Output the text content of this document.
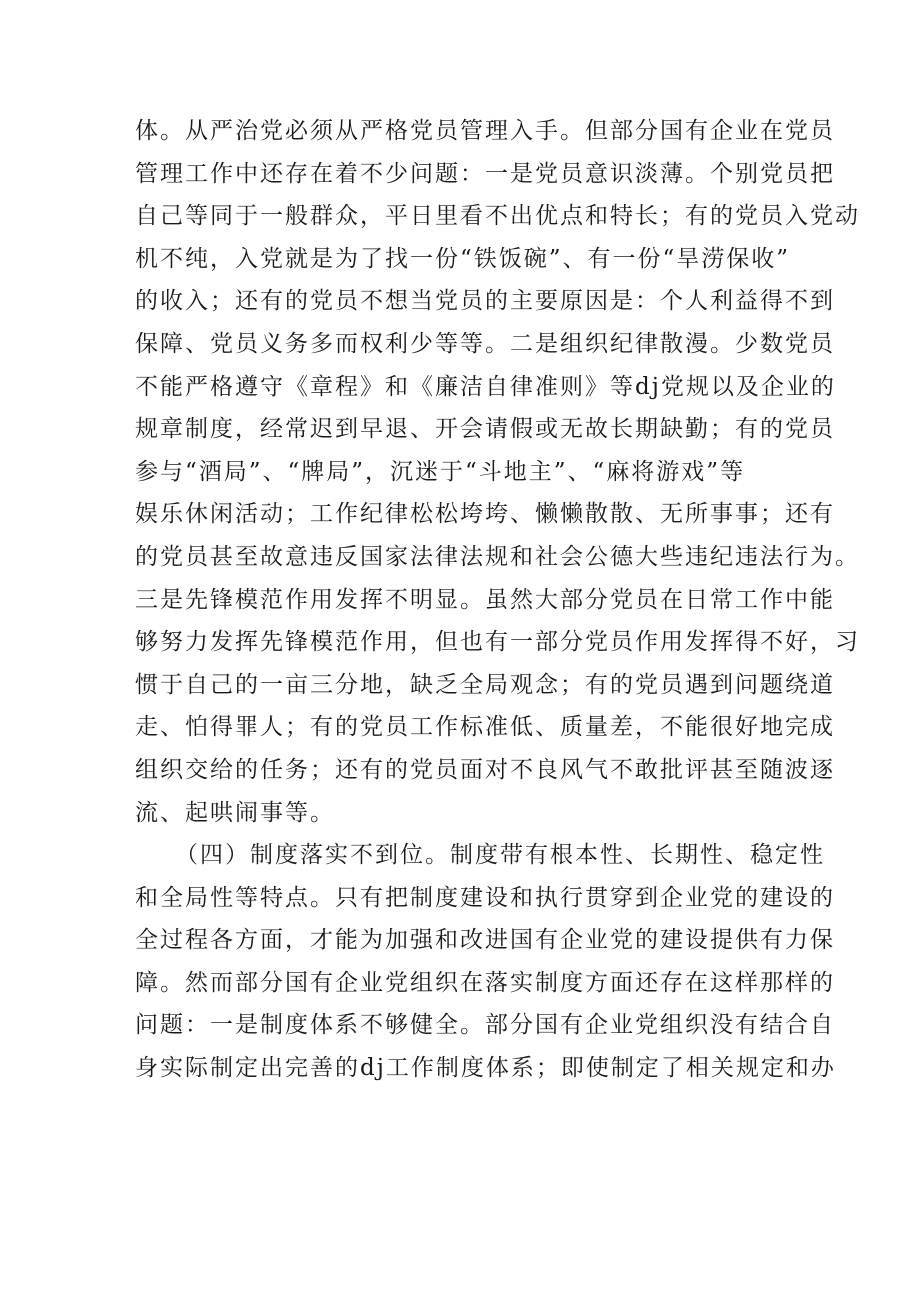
体。从严治党必须从严格党员管理入手。但部分国有企业在党员
管理工作中还存在着不少问题：一是党员意识淡薄。个别党员把
自己等同于一般群众，平日里看不出优点和特长；有的党员入党动
机不纯，入党就是为了找一份“铁饭碗”、有一份“旱涝保收”
的收入；还有的党员不想当党员的主要原因是：个人利益得不到
保障、党员义务多而权利少等等。二是组织纪律散漫。少数党员
不能严格遵守《章程》和《廉洁自律准则》等dj党规以及企业的
规章制度，经常迟到早退、开会请假或无故长期缺勤；有的党员
参与“酒局”、“牌局”，沉迷于“斗地主”、“麻将游戏”等
娱乐休闲活动；工作纪律松松垮垮、懒懒散散、无所事事；还有
的党员甚至故意违反国家法律法规和社会公德大些违纪违法行为。
三是先锋模范作用发挥不明显。虽然大部分党员在日常工作中能
够努力发挥先锋模范作用，但也有一部分党员作用发挥得不好，习
惯于自己的一亩三分地，缺乏全局观念；有的党员遇到问题绕道
走、怕得罪人；有的党员工作标准低、质量差，不能很好地完成
组织交给的任务；还有的党员面对不良风气不敢批评甚至随波逐
流、起哄闹事等。
（四）制度落实不到位。制度带有根本性、长期性、稳定性
和全局性等特点。只有把制度建设和执行贯穿到企业党的建设的
全过程各方面，才能为加强和改进国有企业党的建设提供有力保
障。然而部分国有企业党组织在落实制度方面还存在这样那样的
问题：一是制度体系不够健全。部分国有企业党组织没有结合自
身实际制定出完善的dj工作制度体系；即使制定了相关规定和办
